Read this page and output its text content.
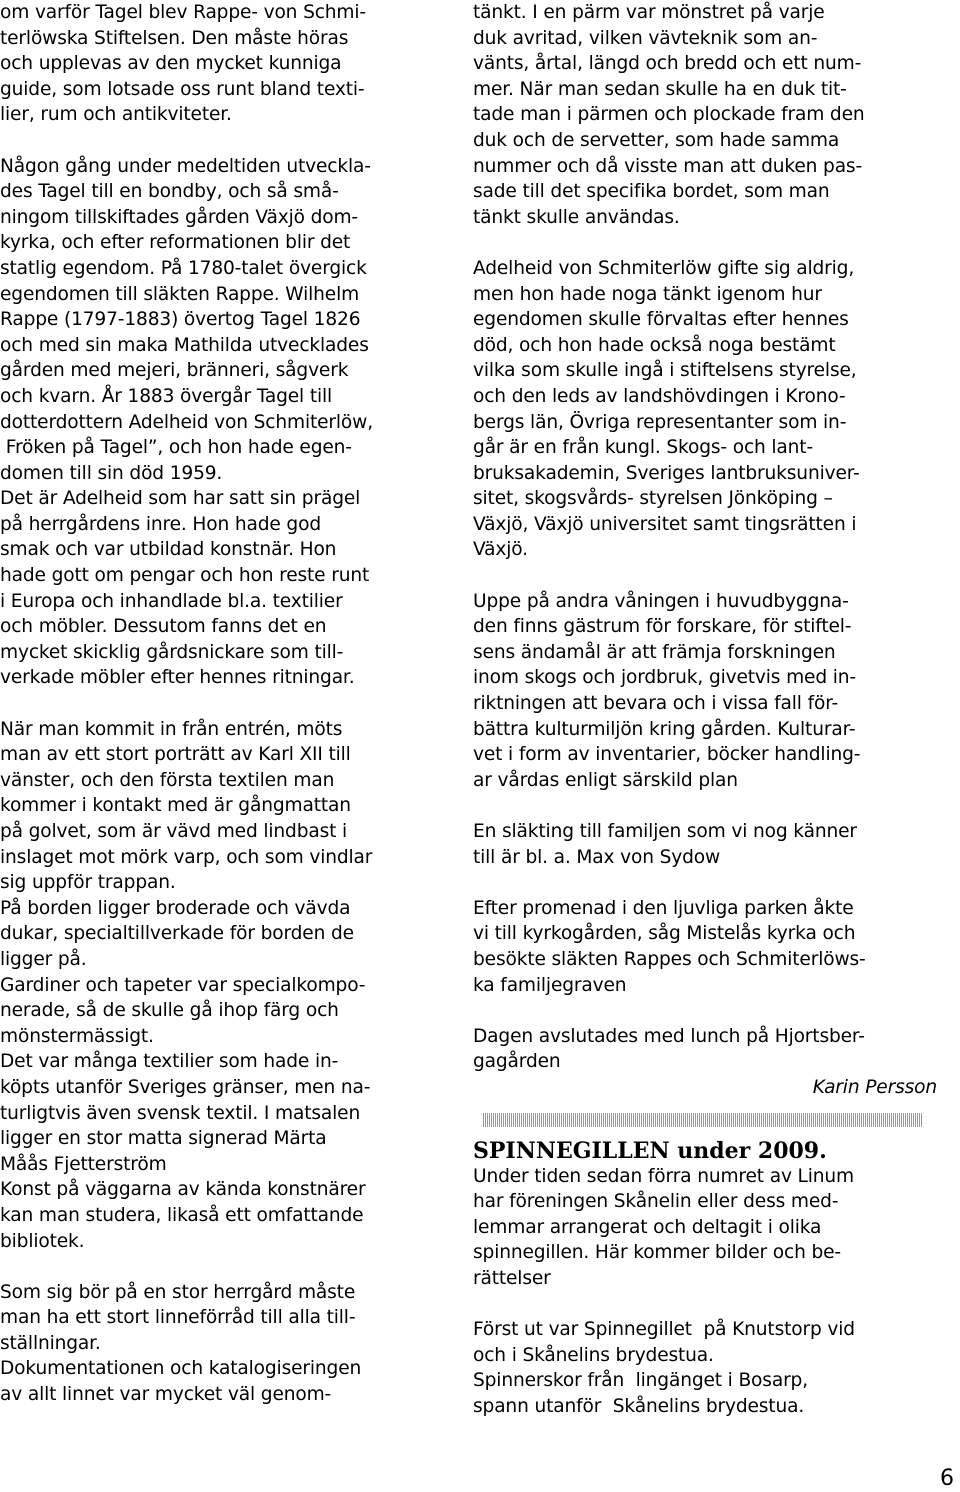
om varför Tagel blev Rappe- von Schmi-
terlöwska Stiftelsen. Den måste höras
och upplevas av den mycket kunniga
guide, som lotsade oss runt bland texti-
lier, rum och antikviteter.
Någon gång under medeltiden utveckla-
des Tagel till en bondby, och så små-
ningom tillskiftades gården Växjö dom-
kyrka, och efter reformationen blir det
statlig egendom. På 1780-talet övergick
egendomen till släkten Rappe. Wilhelm
Rappe (1797-1883) övertog Tagel 1826
och med sin maka Mathilda utvecklades
gården med mejeri, bränneri, sågverk
och kvarn. År 1883 övergår Tagel till
dotterdottern Adelheid von Schmiterlöw,
Fröken på Tagel”, och hon hade egen-
domen till sin död 1959.
Det är Adelheid som har satt sin prägel
på herrgårdens inre. Hon hade god
smak och var utbildad konstnär. Hon
hade gott om pengar och hon reste runt
i Europa och inhandlade bl.a. textilier
och möbler. Dessutom fanns det en
mycket skicklig gårdsnickare som till-
verkade möbler efter hennes ritningar.
När man kommit in från entrén, möts
man av ett stort porträtt av Karl XII till
vänster, och den första textilen man
kommer i kontakt med är gångmattan
på golvet, som är vävd med lindbast i
inslaget mot mörk varp, och som vindlar
sig uppför trappan.
På borden ligger broderade och vävda
dukar, specialtillverkade för borden de
ligger på.
Gardiner och tapeter var specialkompo-
nerade, så de skulle gå ihop färg och
mönstermässigt.
Det var många textilier som hade in-
köpts utanför Sveriges gränser, men na-
turligtvis även svensk textil. I matsalen
ligger en stor matta signerad Märta
Måås Fjetterström
Konst på väggarna av kända konstnärer
kan man studera, likaså ett omfattande
bibliotek.
Som sig bör på en stor herrgård måste
man ha ett stort linneförråd till alla till-
ställningar.
Dokumentationen och katalogiseringen
av allt linnet var mycket väl genom-
tänkt. I en pärm var mönstret på varje
duk avritad, vilken vävteknik som an-
vänts, årtal, längd och bredd och ett num-
mer. När man sedan skulle ha en duk tit-
tade man i pärmen och plockade fram den
duk och de servetter, som hade samma
nummer och då visste man att duken pas-
sade till det specifika bordet, som man
tänkt skulle användas.
Adelheid von Schmiterlöw gifte sig aldrig,
men hon hade noga tänkt igenom hur
egendomen skulle förvaltas efter hennes
död, och hon hade också noga bestämt
vilka som skulle ingå i stiftelsens styrelse,
och den leds av landshövdingen i Krono-
bergs län, Övriga representanter som in-
går är en från kungl. Skogs- och lant-
bruksakademin, Sveriges lantbruksuniver-
sitet, skogsvårds- styrelsen Jönköping –
Växjö, Växjö universitet samt tingsrätten i
Växjö.
Uppe på andra våningen i huvudbyggna-
den finns gästrum för forskare, för stiftel-
sens ändamål är att främja forskningen
inom skogs och jordbruk, givetvis med in-
riktningen att bevara och i vissa fall för-
bättra kulturmiljön kring gården. Kulturar-
vet i form av inventarier, böcker handling-
ar vårdas enligt särskild plan
En släkting till familjen som vi nog känner
till är bl. a. Max von Sydow
Efter promenad i den ljuvliga parken åkte
vi till kyrkogården, såg Mistelås kyrka och
besökte släkten Rappes och Schmiterlöws-
ka familjegraven
Dagen avslutades med lunch på Hjortsber-
gagården
Karin Persson
SPINNEGILLEN under 2009.
Under tiden sedan förra numret av Linum
har föreningen Skånelin eller dess med-
lemmar arrangerat och deltagit i olika
spinnegillen. Här kommer bilder och be-
rättelser
Först ut var Spinnegillet  på Knutstorp vid
och i Skånelins brydestua.
Spinnerskor från  lingänget i Bosarp,
spann utanför  Skånelins brydestua.
6
